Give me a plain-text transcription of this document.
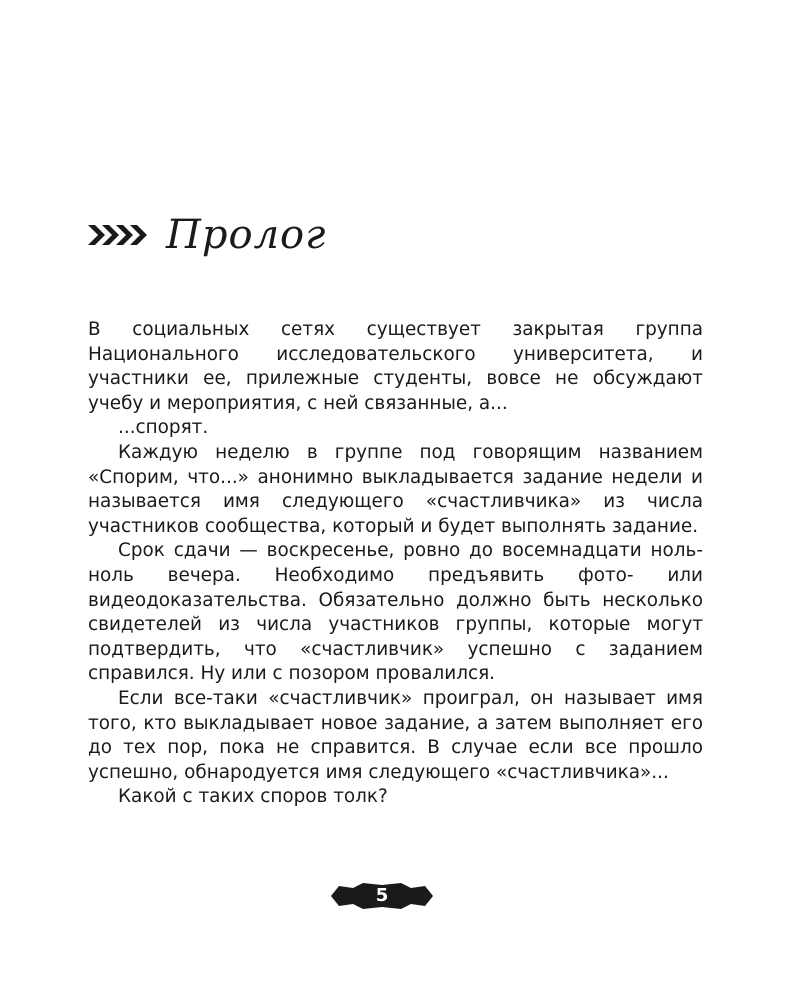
Пролог

В социальных сетях существует закрытая группа Национального исследовательского университета, и участники ее, прилежные студенты, вовсе не обсуждают учебу и мероприятия, с ней связанные, а...

...спорят.

Каждую неделю в группе под говорящим названием «Спорим, что...» анонимно выкладывается задание недели и называется имя следующего «счастливчика» из числа участников сообщества, который и будет выполнять задание.

Срок сдачи — воскресенье, ровно до восемнадцати ноль-ноль вечера. Необходимо предъявить фото- или видеодоказательства. Обязательно должно быть несколько свидетелей из числа участников группы, которые могут подтвердить, что «счастливчик» успешно с заданием справился. Ну или с позором провалился.

Если все-таки «счастливчик» проиграл, он называет имя того, кто выкладывает новое задание, а затем выполняет его до тех пор, пока не справится. В случае если все прошло успешно, обнародуется имя следующего «счастливчика»...

Какой с таких споров толк?

5
